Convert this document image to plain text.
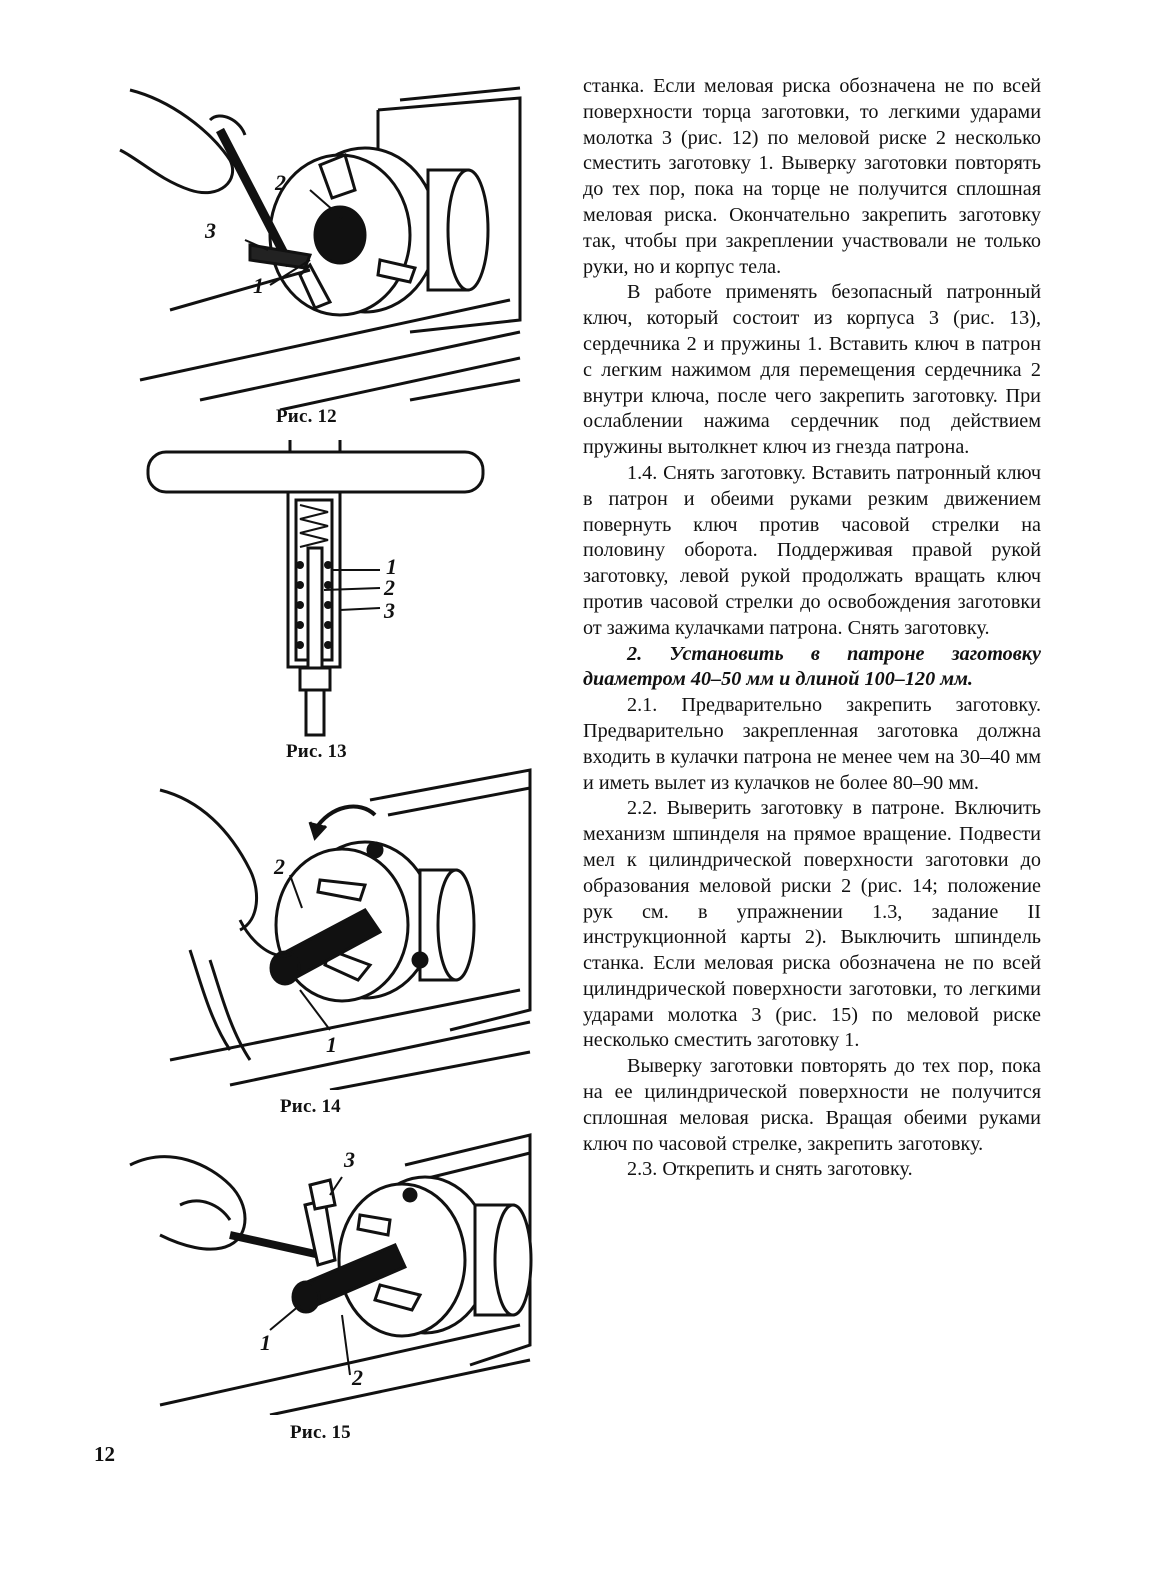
2
3
1
Рис. 12
1
2
3
Рис. 13
2
1
Рис. 14
3
1
2
Рис. 15

станка. Если меловая риска обозначена не по всей поверхности торца заготовки, то легкими ударами молотка 3 (рис. 12) по меловой риске 2 несколько сместить заготовку 1. Выверку заготовки повторять до тех пор, пока на торце не получится сплошная меловая риска. Окончательно закрепить заготовку так, чтобы при закреплении участвовали не только руки, но и корпус тела.

В работе применять безопасный патронный ключ, который состоит из корпуса 3 (рис. 13), сердечника 2 и пружины 1. Вставить ключ в патрон с легким нажимом для перемещения сердечника 2 внутри ключа, после чего закрепить заготовку. При ослаблении нажима сердечник под действием пружины вытолкнет ключ из гнезда патрона.

1.4. Снять заготовку. Вставить патронный ключ в патрон и обеими руками резким движением повернуть ключ против часовой стрелки на половину оборота. Поддерживая правой рукой заготовку, левой рукой продолжать вращать ключ против часовой стрелки до освобождения заготовки от зажима кулачками патрона. Снять заготовку.

2. Установить в патроне заготовку диаметром 40–50 мм и длиной 100–120 мм.

2.1. Предварительно закрепить заготовку. Предварительно закрепленная заготовка должна входить в кулачки патрона не менее чем на 30–40 мм и иметь вылет из кулачков не более 80–90 мм.

2.2. Выверить заготовку в патроне. Включить механизм шпинделя на прямое вращение. Подвести мел к цилиндрической поверхности заготовки до образования меловой риски 2 (рис. 14; положение рук см. в упражнении 1.3, задание II инструкционной карты 2). Выключить шпиндель станка. Если меловая риска обозначена не по всей цилиндрической поверхности заготовки, то легкими ударами молотка 3 (рис. 15) по меловой риске несколько сместить заготовку 1.

Выверку заготовки повторять до тех пор, пока на ее цилиндрической поверхности не получится сплошная меловая риска. Вращая обеими руками ключ по часовой стрелке, закрепить заготовку.

2.3. Открепить и снять заготовку.

12
